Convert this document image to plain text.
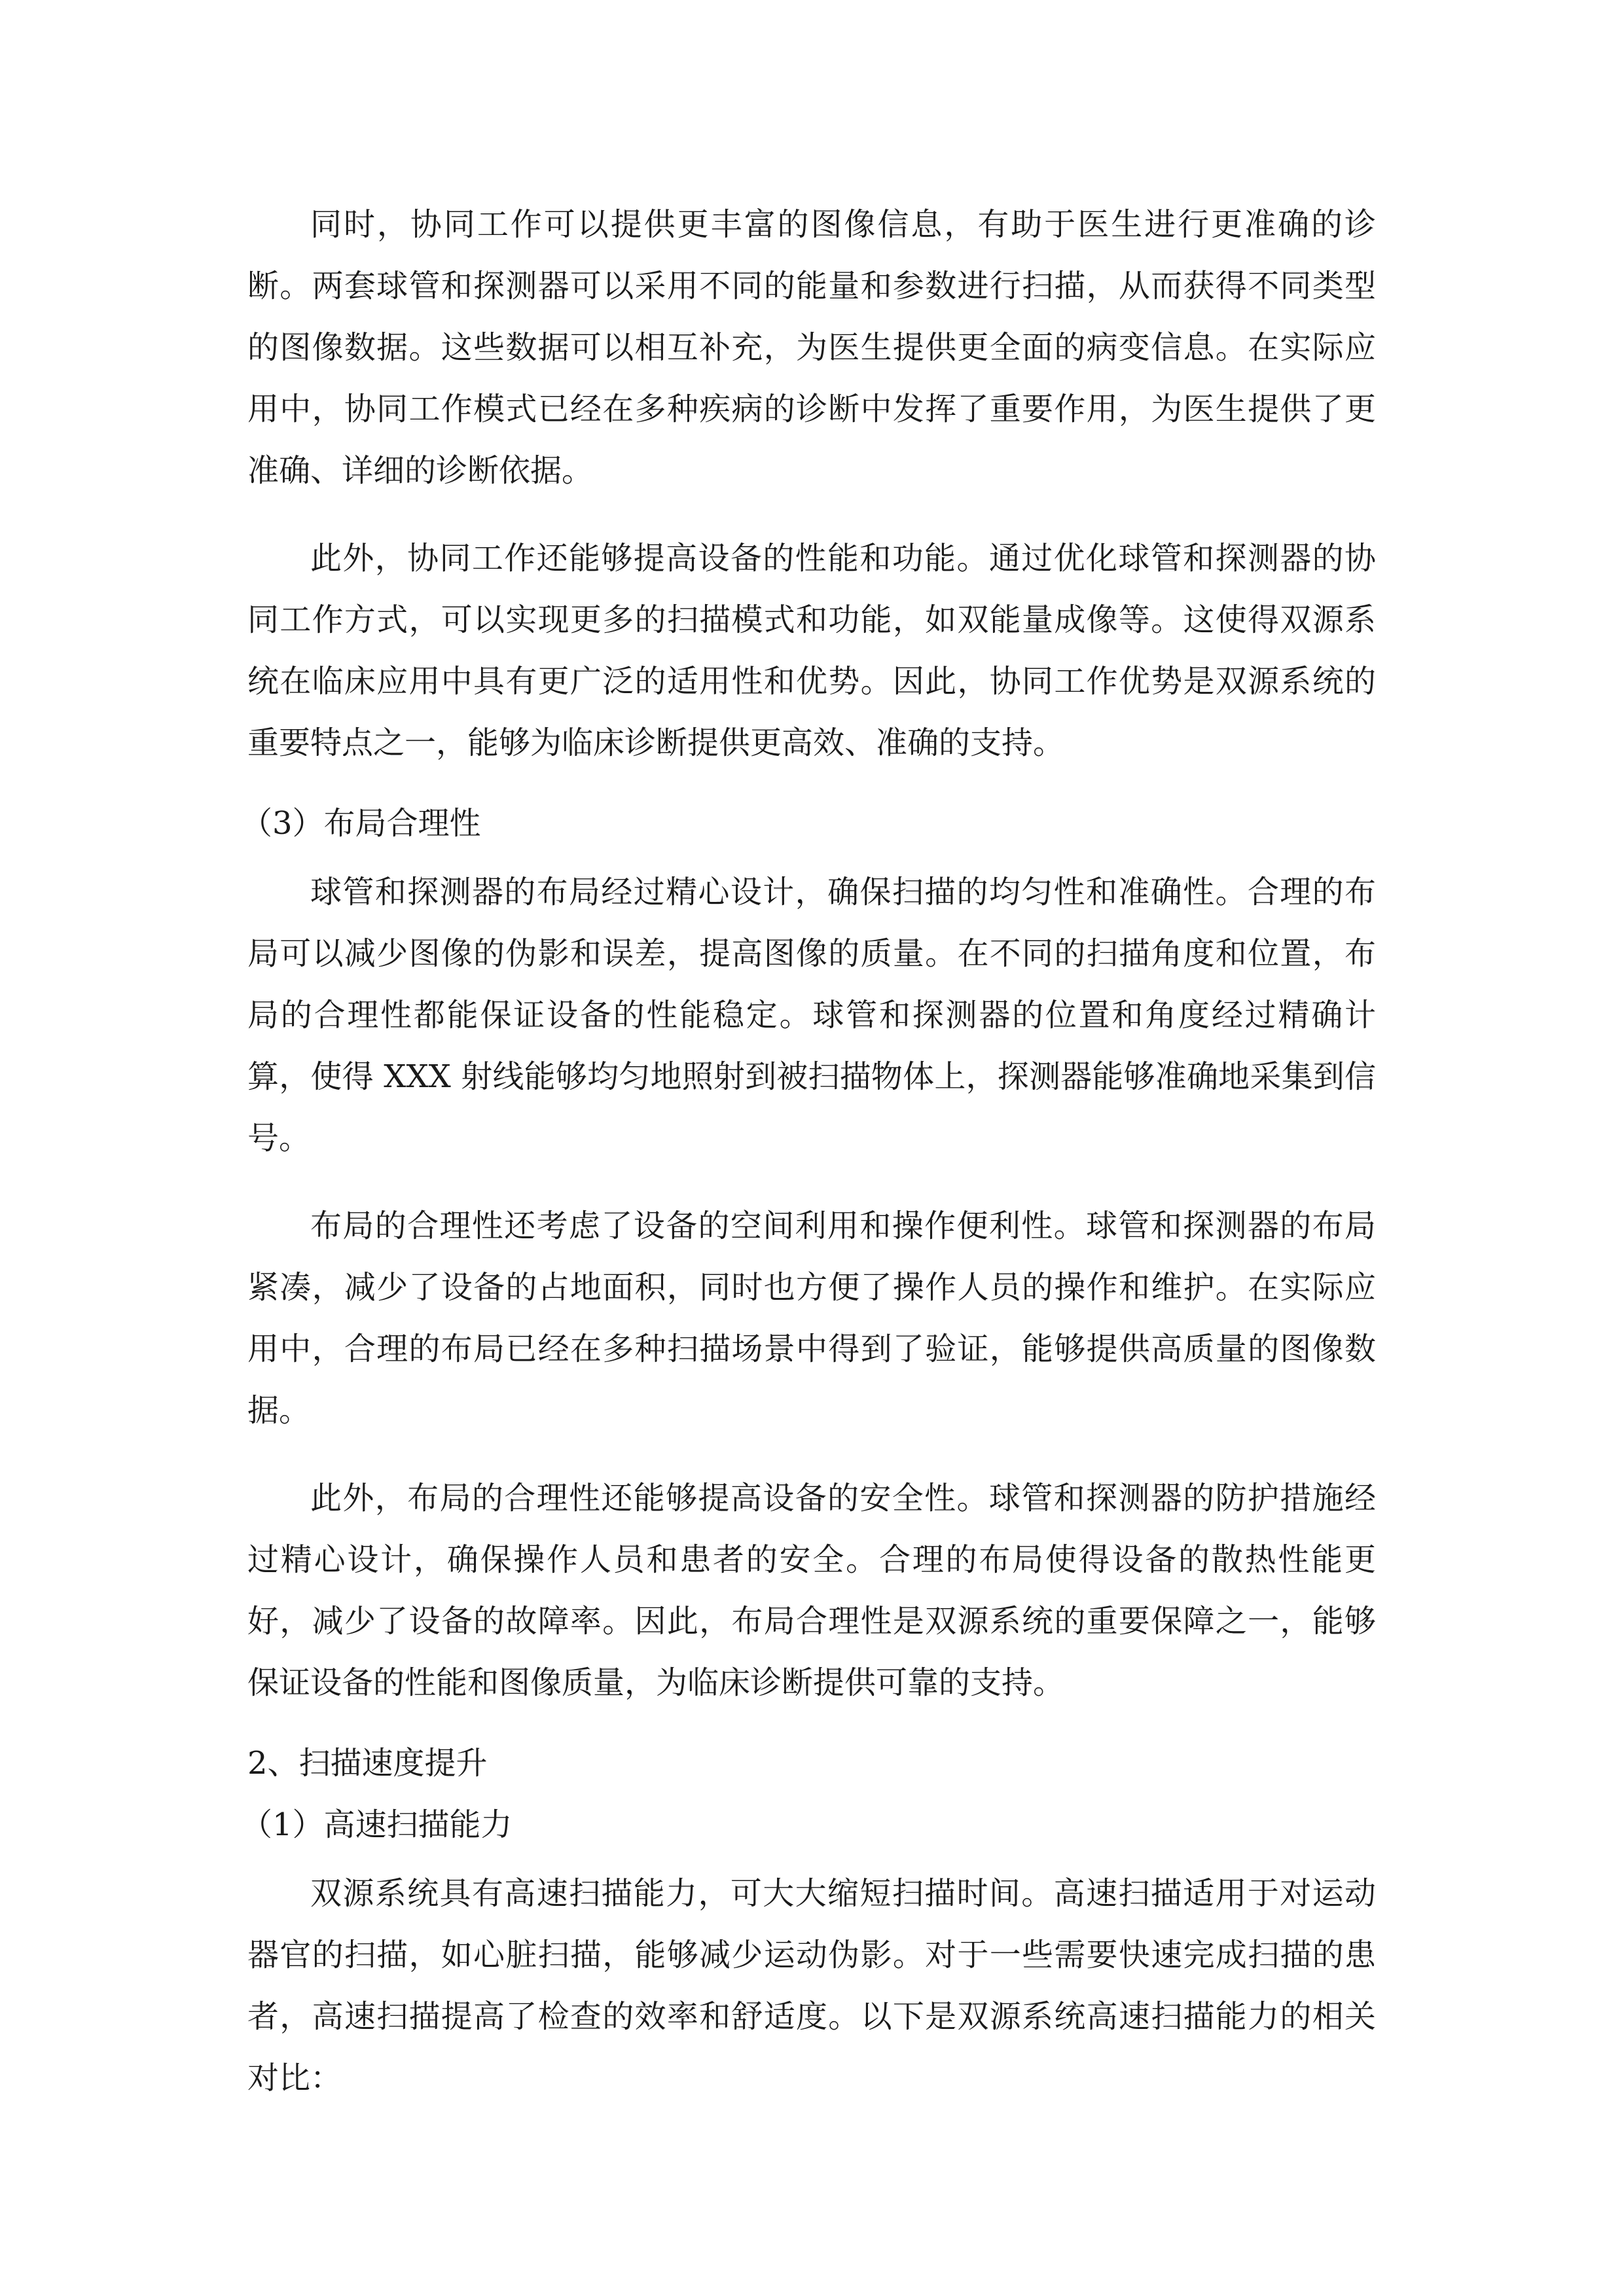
同时，协同工作可以提供更丰富的图像信息，有助于医生进行更准确的诊断。两套球管和探测器可以采用不同的能量和参数进行扫描，从而获得不同类型的图像数据。这些数据可以相互补充，为医生提供更全面的病变信息。在实际应用中，协同工作模式已经在多种疾病的诊断中发挥了重要作用，为医生提供了更准确、详细的诊断依据。

此外，协同工作还能够提高设备的性能和功能。通过优化球管和探测器的协同工作方式，可以实现更多的扫描模式和功能，如双能量成像等。这使得双源系统在临床应用中具有更广泛的适用性和优势。因此，协同工作优势是双源系统的重要特点之一，能够为临床诊断提供更高效、准确的支持。

（3）布局合理性

球管和探测器的布局经过精心设计，确保扫描的均匀性和准确性。合理的布局可以减少图像的伪影和误差，提高图像的质量。在不同的扫描角度和位置，布局的合理性都能保证设备的性能稳定。球管和探测器的位置和角度经过精确计算，使得 XXX 射线能够均匀地照射到被扫描物体上，探测器能够准确地采集到信号。

布局的合理性还考虑了设备的空间利用和操作便利性。球管和探测器的布局紧凑，减少了设备的占地面积，同时也方便了操作人员的操作和维护。在实际应用中，合理的布局已经在多种扫描场景中得到了验证，能够提供高质量的图像数据。

此外，布局的合理性还能够提高设备的安全性。球管和探测器的防护措施经过精心设计，确保操作人员和患者的安全。合理的布局使得设备的散热性能更好，减少了设备的故障率。因此，布局合理性是双源系统的重要保障之一，能够保证设备的性能和图像质量，为临床诊断提供可靠的支持。

2、扫描速度提升

（1）高速扫描能力

双源系统具有高速扫描能力，可大大缩短扫描时间。高速扫描适用于对运动器官的扫描，如心脏扫描，能够减少运动伪影。对于一些需要快速完成扫描的患者，高速扫描提高了检查的效率和舒适度。以下是双源系统高速扫描能力的相关对比：
